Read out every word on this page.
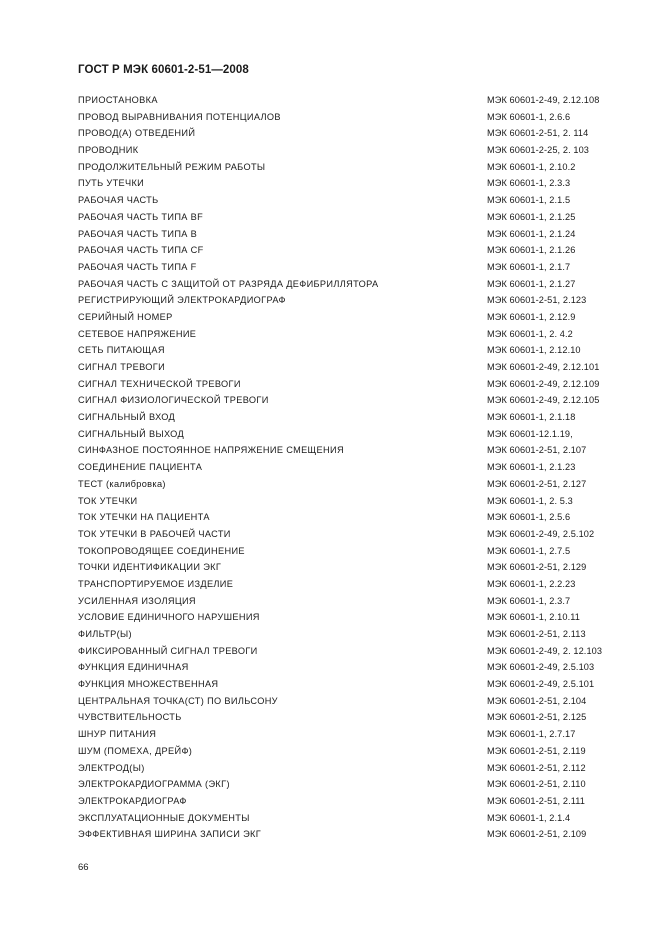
ГОСТ Р МЭК 60601-2-51—2008
ПРИОСТАНОВКА	МЭК 60601-2-49, 2.12.108
ПРОВОД ВЫРАВНИВАНИЯ ПОТЕНЦИАЛОВ	МЭК 60601-1, 2.6.6
ПРОВОД(А) ОТВЕДЕНИЙ	МЭК 60601-2-51, 2. 114
ПРОВОДНИК	МЭК 60601-2-25, 2. 103
ПРОДОЛЖИТЕЛЬНЫЙ РЕЖИМ РАБОТЫ	МЭК 60601-1, 2.10.2
ПУТЬ УТЕЧКИ	МЭК 60601-1, 2.3.3
РАБОЧАЯ ЧАСТЬ	МЭК 60601-1, 2.1.5
РАБОЧАЯ ЧАСТЬ ТИПА BF	МЭК 60601-1, 2.1.25
РАБОЧАЯ ЧАСТЬ ТИПА B	МЭК 60601-1, 2.1.24
РАБОЧАЯ ЧАСТЬ ТИПА CF	МЭК 60601-1, 2.1.26
РАБОЧАЯ ЧАСТЬ ТИПА F	МЭК 60601-1, 2.1.7
РАБОЧАЯ ЧАСТЬ С ЗАЩИТОЙ ОТ РАЗРЯДА ДЕФИБРИЛЛЯТОРА	МЭК 60601-1, 2.1.27
РЕГИСТРИРУЮЩИЙ ЭЛЕКТРОКАРДИОГРАФ	МЭК 60601-2-51, 2.123
СЕРИЙНЫЙ НОМЕР	МЭК 60601-1, 2.12.9
СЕТЕВОЕ НАПРЯЖЕНИЕ	МЭК 60601-1, 2. 4.2
СЕТЬ ПИТАЮЩАЯ	МЭК 60601-1, 2.12.10
СИГНАЛ ТРЕВОГИ	МЭК 60601-2-49, 2.12.101
СИГНАЛ ТЕХНИЧЕСКОЙ ТРЕВОГИ	МЭК 60601-2-49, 2.12.109
СИГНАЛ ФИЗИОЛОГИЧЕСКОЙ ТРЕВОГИ	МЭК 60601-2-49, 2.12.105
СИГНАЛЬНЫЙ ВХОД	МЭК 60601-1, 2.1.18
СИГНАЛЬНЫЙ ВЫХОД	МЭК 60601-12.1.19,
СИНФАЗНОЕ ПОСТОЯННОЕ НАПРЯЖЕНИЕ СМЕЩЕНИЯ	МЭК 60601-2-51, 2.107
СОЕДИНЕНИЕ ПАЦИЕНТА	МЭК 60601-1, 2.1.23
ТЕСТ (калибровка)	МЭК 60601-2-51, 2.127
ТОК УТЕЧКИ	МЭК 60601-1, 2. 5.3
ТОК УТЕЧКИ НА ПАЦИЕНТА	МЭК 60601-1, 2.5.6
ТОК УТЕЧКИ В РАБОЧЕЙ ЧАСТИ	МЭК 60601-2-49, 2.5.102
ТОКОПРОВОДЯЩЕЕ СОЕДИНЕНИЕ	МЭК 60601-1, 2.7.5
ТОЧКИ ИДЕНТИФИКАЦИИ ЭКГ	МЭК 60601-2-51, 2.129
ТРАНСПОРТИРУЕМОЕ ИЗДЕЛИЕ	МЭК 60601-1, 2.2.23
УСИЛЕННАЯ ИЗОЛЯЦИЯ	МЭК 60601-1, 2.3.7
УСЛОВИЕ ЕДИНИЧНОГО НАРУШЕНИЯ	МЭК 60601-1, 2.10.11
ФИЛЬТР(Ы)	МЭК 60601-2-51, 2.113
ФИКСИРОВАННЫЙ СИГНАЛ ТРЕВОГИ	МЭК 60601-2-49, 2. 12.103
ФУНКЦИЯ ЕДИНИЧНАЯ	МЭК 60601-2-49, 2.5.103
ФУНКЦИЯ МНОЖЕСТВЕННАЯ	МЭК 60601-2-49, 2.5.101
ЦЕНТРАЛЬНАЯ ТОЧКА(СТ) ПО ВИЛЬСОНУ	МЭК 60601-2-51, 2.104
ЧУВСТВИТЕЛЬНОСТЬ	МЭК 60601-2-51, 2.125
ШНУР ПИТАНИЯ	МЭК 60601-1, 2.7.17
ШУМ (ПОМЕХА, ДРЕЙФ)	МЭК 60601-2-51, 2.119
ЭЛЕКТРОД(Ы)	МЭК 60601-2-51, 2.112
ЭЛЕКТРОКАРДИОГРАММА (ЭКГ)	МЭК 60601-2-51, 2.110
ЭЛЕКТРОКАРДИОГРАФ	МЭК 60601-2-51, 2.111
ЭКСПЛУАТАЦИОННЫЕ ДОКУМЕНТЫ	МЭК 60601-1, 2.1.4
ЭФФЕКТИВНАЯ ШИРИНА ЗАПИСИ ЭКГ	МЭК 60601-2-51, 2.109
66
